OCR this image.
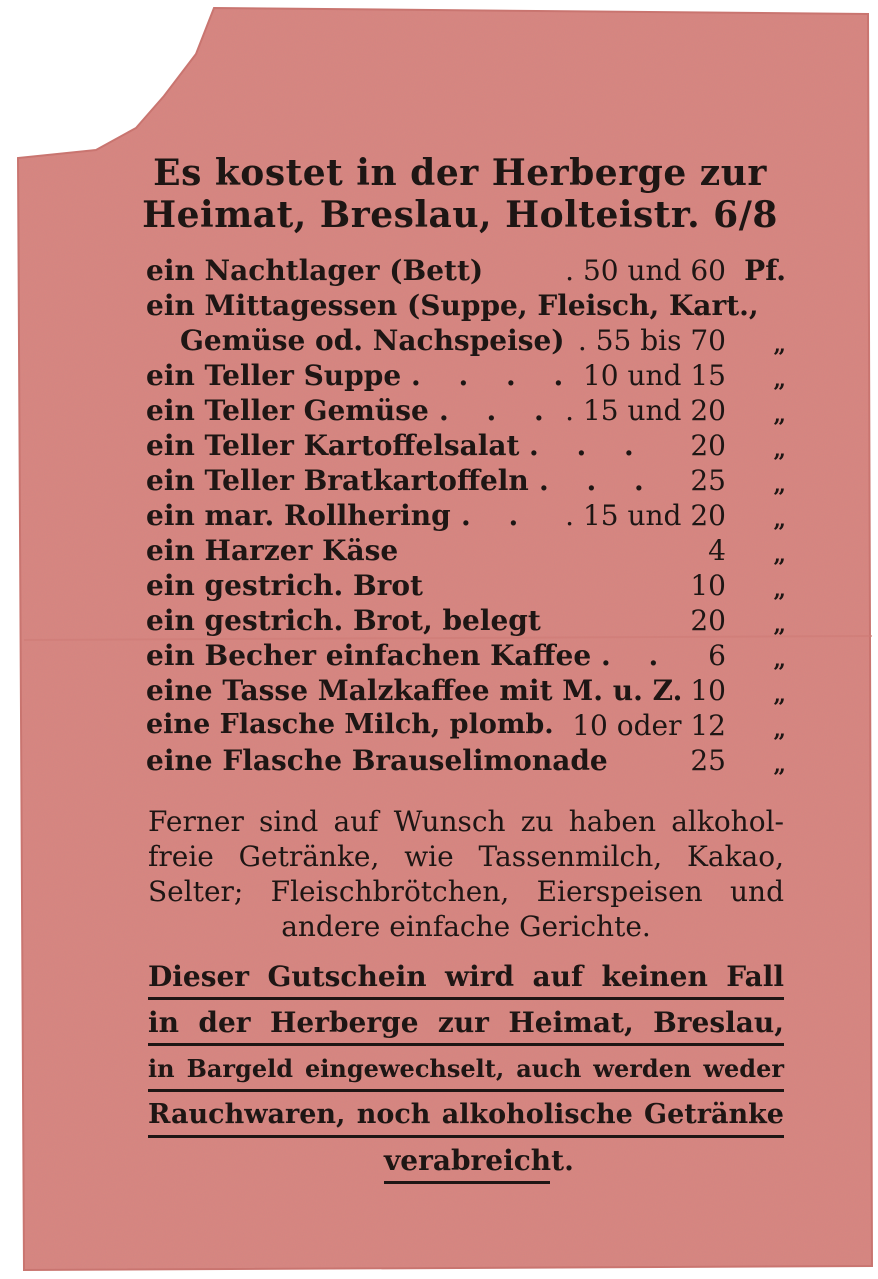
Es kostet in der Herberge zur
Heimat, Breslau, Holteistr. 6/8
ein Nachtlager (Bett)	. 50 und 60 Pf.
ein Mittagessen (Suppe, Fleisch, Kart.,
Gemüse od. Nachspeise) . 55 bis 70	„
ein Teller Suppe . . . . 10 und 15	„
ein Teller Gemüse . . . . 15 und 20	„
ein Teller Kartoffelsalat . . . 20	„
ein Teller Bratkartoffeln . . . 25	„
ein mar. Rollhering . . . 15 und 20	„
ein Harzer Käse	4	„
ein gestrich. Brot	10	„
ein gestrich. Brot, belegt	20	„
ein Becher einfachen Kaffee . . 6	„
eine Tasse Malzkaffee mit M. u. Z. 10	„
eine Flasche Milch, plomb. 10 oder 12	„
eine Flasche Brauselimonade	25	„
Ferner sind auf Wunsch zu haben alkohol-
freie Getränke, wie Tassenmilch, Kakao,
Selter; Fleischbrötchen, Eierspeisen und
andere einfache Gerichte.
Dieser Gutschein wird auf keinen Fall
in der Herberge zur Heimat, Breslau,
in Bargeld eingewechselt, auch werden weder
Rauchwaren, noch alkoholische Getränke
verabreicht.
